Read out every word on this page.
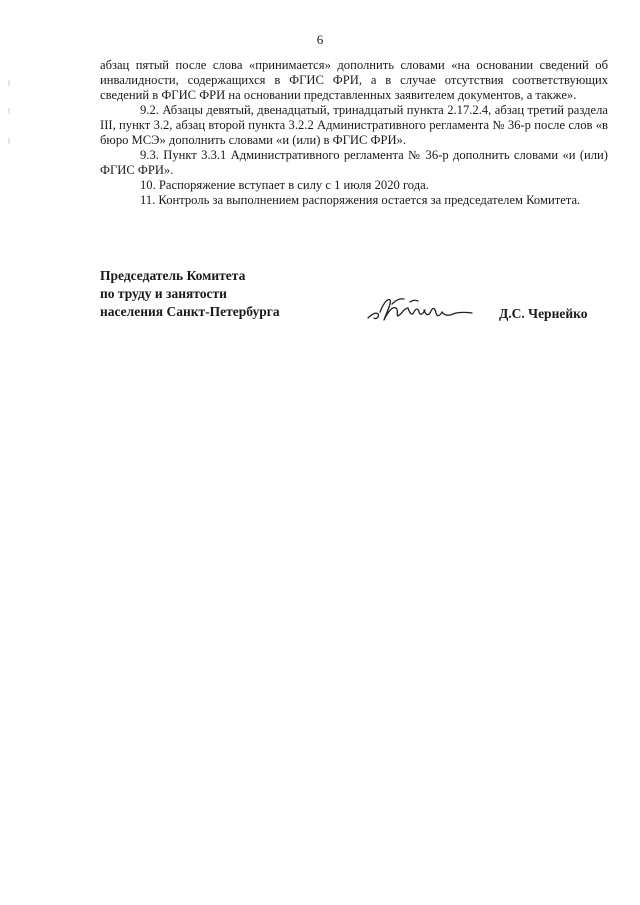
6

абзац пятый после слова «принимается» дополнить словами «на основании сведений об инвалидности, содержащихся в ФГИС ФРИ, а в случае отсутствия соответствующих сведений в ФГИС ФРИ на основании представленных заявителем документов, а также».

9.2. Абзацы девятый, двенадцатый, тринадцатый пункта 2.17.2.4, абзац третий раздела III, пункт 3.2, абзац второй пункта 3.2.2 Административного регламента № 36-р после слов «в бюро МСЭ» дополнить словами «и (или) в ФГИС ФРИ».

9.3. Пункт 3.3.1 Административного регламента № 36-р дополнить словами «и (или) ФГИС ФРИ».

10. Распоряжение вступает в силу с 1 июля 2020 года.

11. Контроль за выполнением распоряжения остается за председателем Комитета.

Председатель Комитета
по труду и занятости
населения Санкт-Петербурга	Д.С. Чернейко
